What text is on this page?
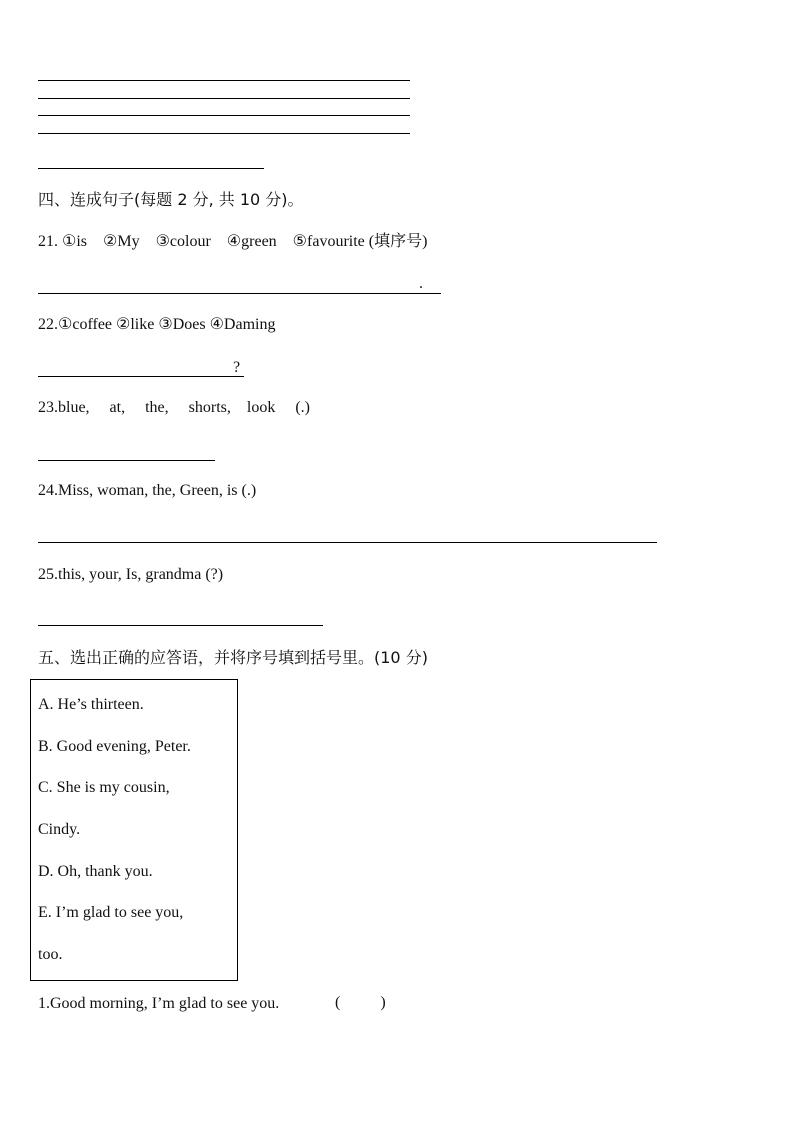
四、连成句子(每题 2 分, 共 10 分)。
21. ①is    ②My    ③colour    ④green    ⑤favourite (填序号)
.
22.①coffee ②like ③Does ④Daming
?
23.blue,     at,     the,     shorts,    look     (.)
24.Miss, woman, the, Green, is (.)
25.this, your, Is, grandma (?)
五、选出正确的应答语，并将序号填到括号里。(10 分)
A. He’s thirteen.
B. Good evening, Peter.
C. She is my cousin,
Cindy.
D. Oh, thank you.
E. I’m glad to see you,
too.
1.Good morning, I’m glad to see you.	(          )
